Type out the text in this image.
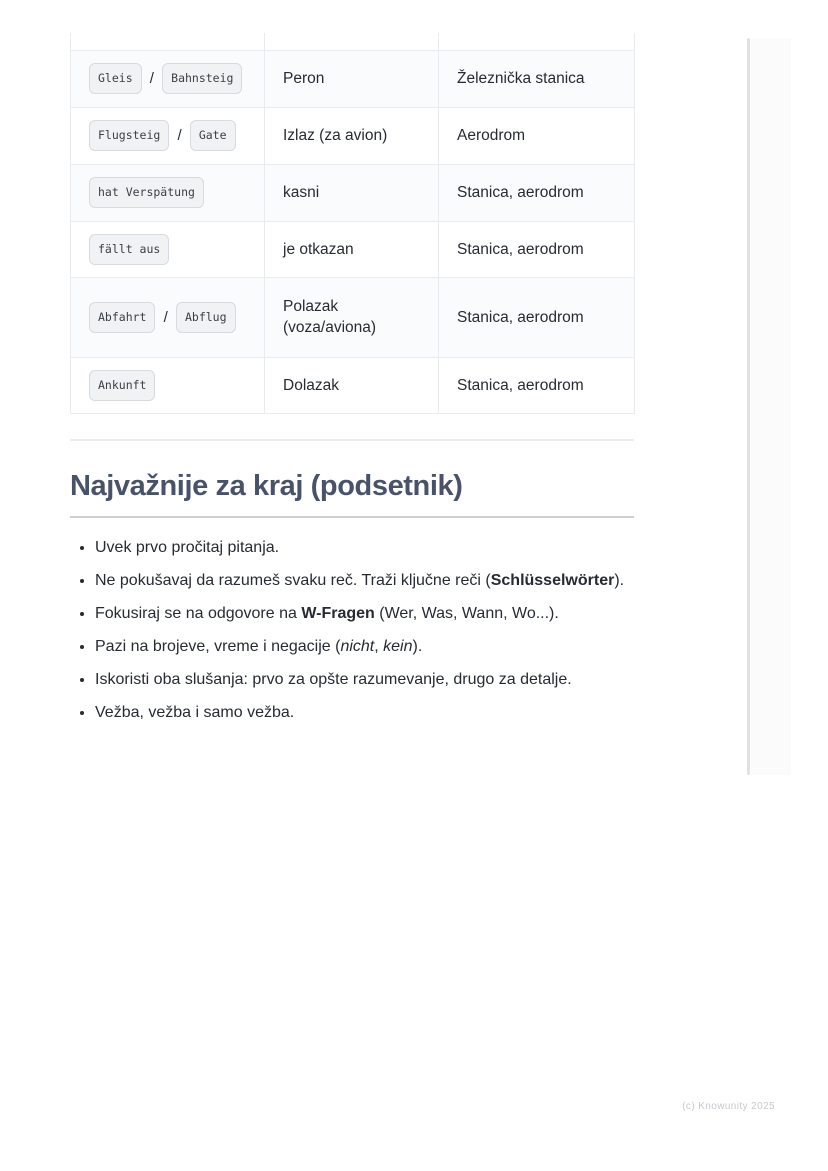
Gleis / Bahnsteig	Peron	Železnička stanica
Flugsteig / Gate	Izlaz (za avion)	Aerodrom
hat Verspätung	kasni	Stanica, aerodrom
fällt aus	je otkazan	Stanica, aerodrom
Abfahrt / Abflug	Polazak (voza/aviona)	Stanica, aerodrom
Ankunft	Dolazak	Stanica, aerodrom
Najvažnije za kraj (podsetnik)
• Uvek prvo pročitaj pitanja.
• Ne pokušavaj da razumeš svaku reč. Traži ključne reči (Schlüsselwörter).
• Fokusiraj se na odgovore na W-Fragen (Wer, Was, Wann, Wo...).
• Pazi na brojeve, vreme i negacije (nicht, kein).
• Iskoristi oba slušanja: prvo za opšte razumevanje, drugo za detalje.
• Vežba, vežba i samo vežba.
(c) Knowunity 2025
